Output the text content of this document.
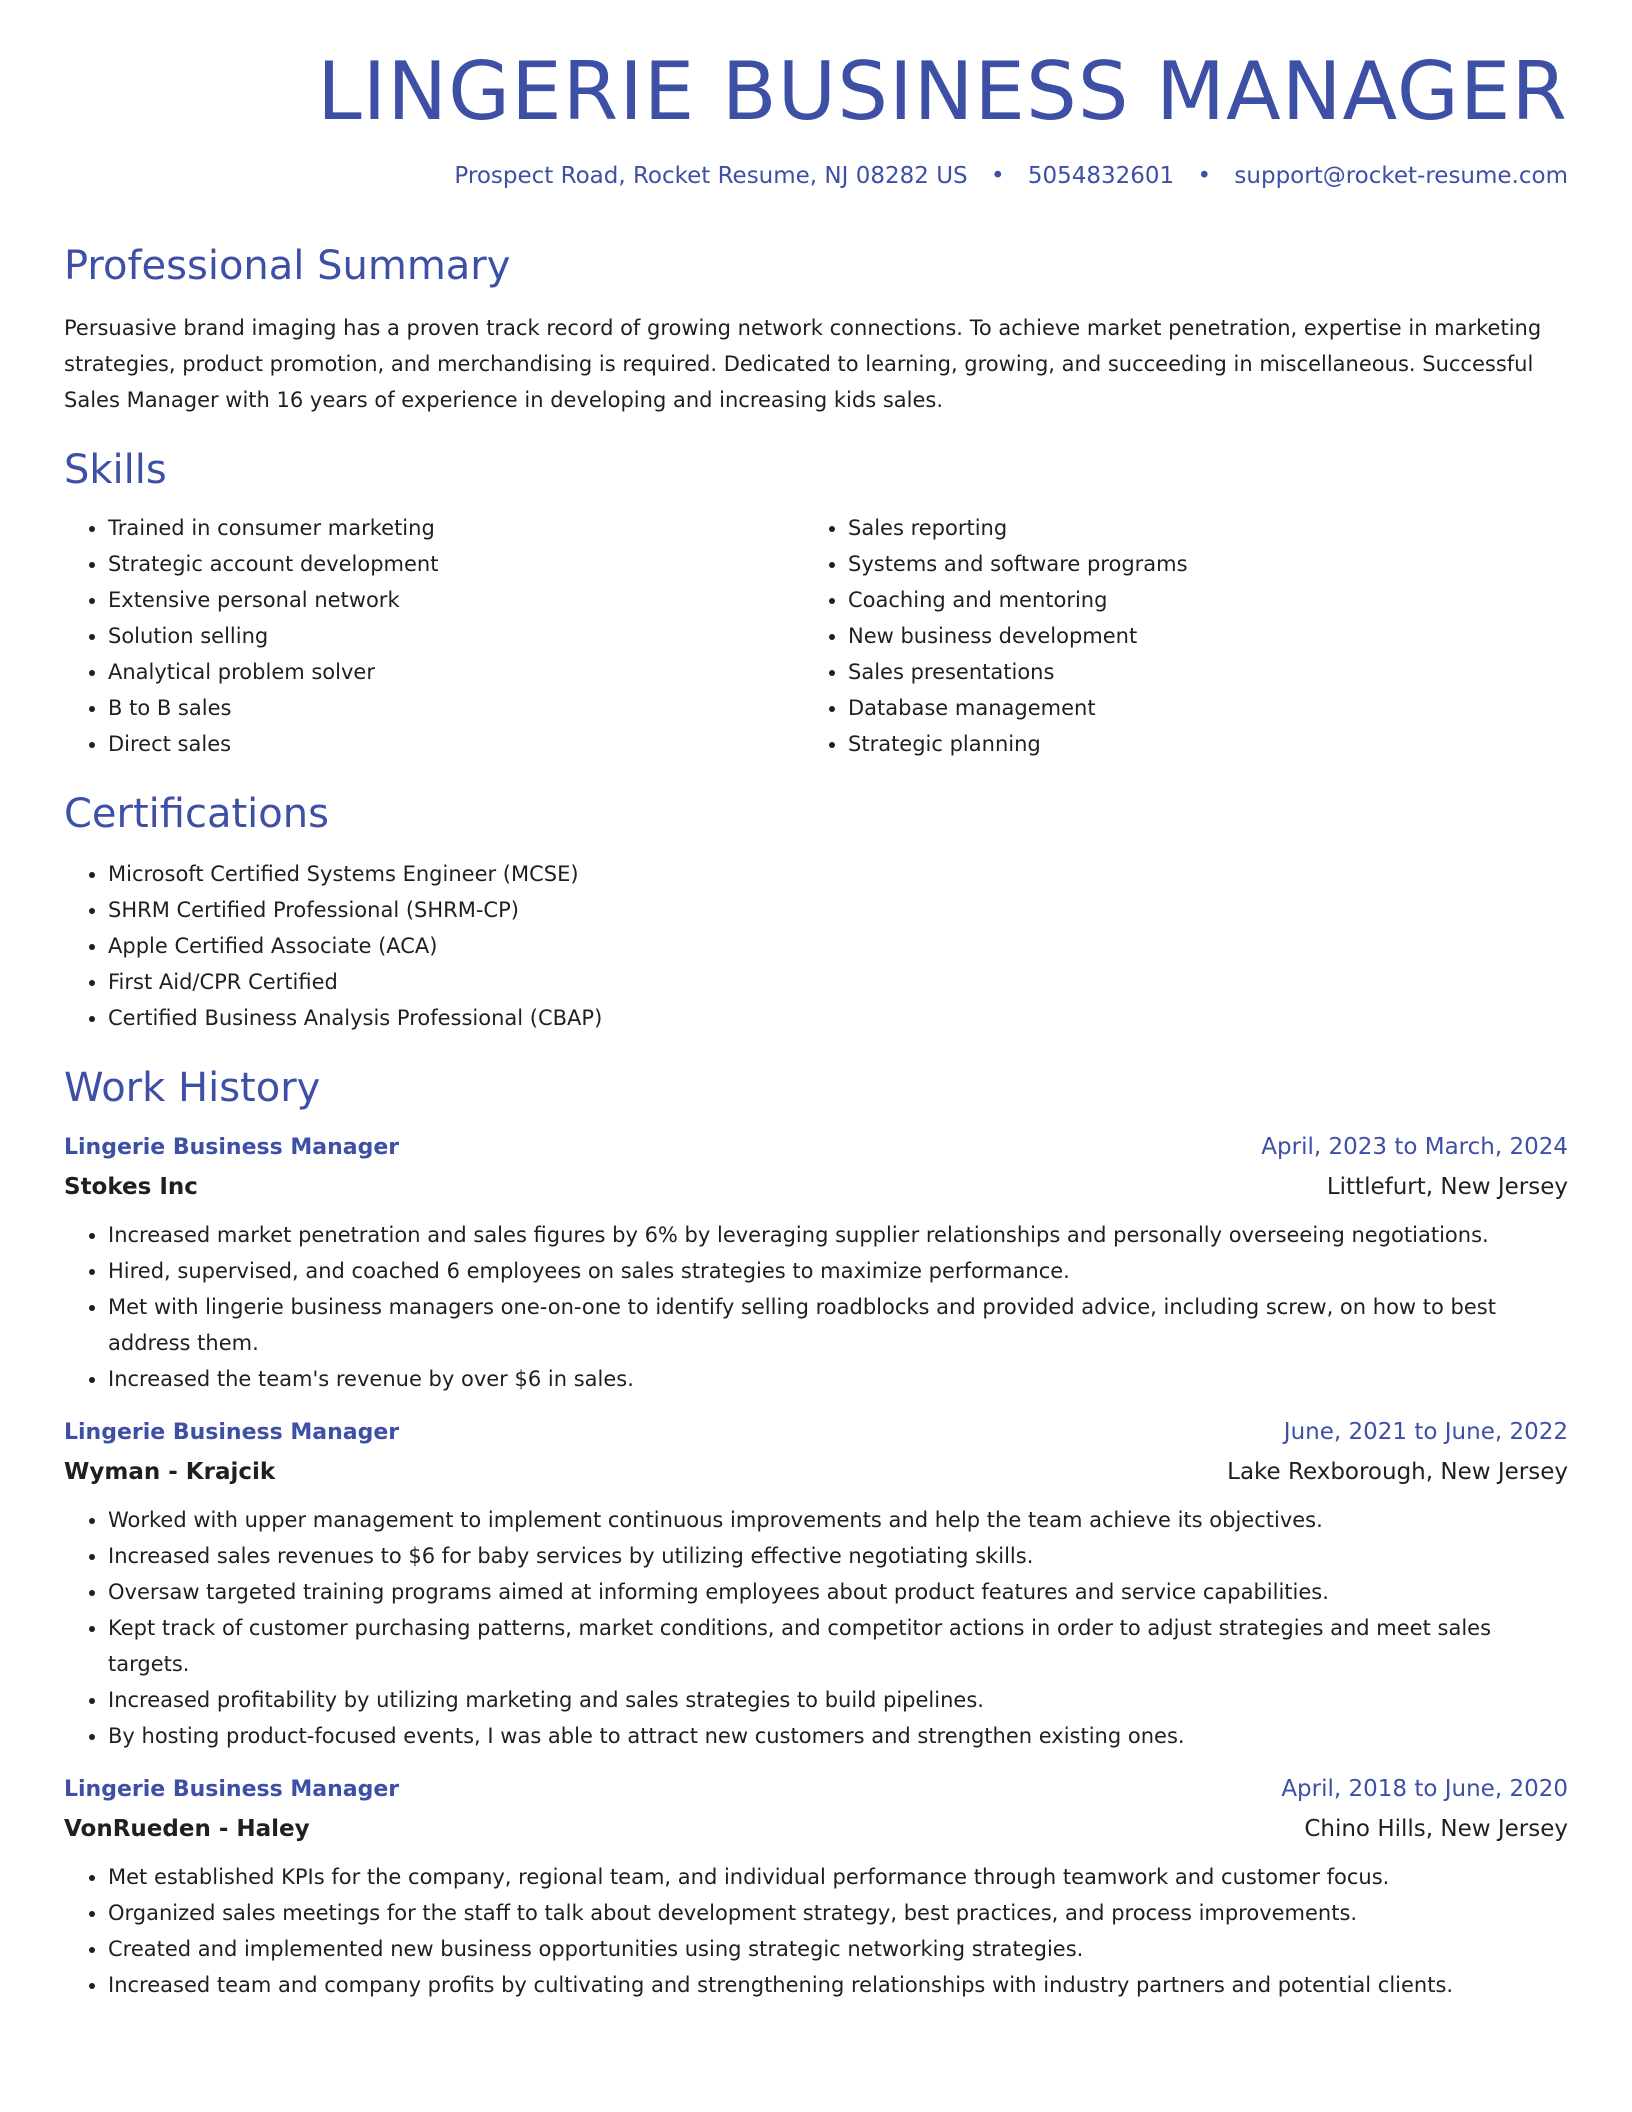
LINGERIE BUSINESS MANAGER
Prospect Road, Rocket Resume, NJ 08282 US • 5054832601 • support@rocket-resume.com
Professional Summary
Persuasive brand imaging has a proven track record of growing network connections. To achieve market penetration, expertise in marketing strategies, product promotion, and merchandising is required. Dedicated to learning, growing, and succeeding in miscellaneous. Successful Sales Manager with 16 years of experience in developing and increasing kids sales.
Skills
• Trained in consumer marketing
• Strategic account development
• Extensive personal network
• Solution selling
• Analytical problem solver
• B to B sales
• Direct sales
• Sales reporting
• Systems and software programs
• Coaching and mentoring
• New business development
• Sales presentations
• Database management
• Strategic planning
Certifications
• Microsoft Certified Systems Engineer (MCSE)
• SHRM Certified Professional (SHRM-CP)
• Apple Certified Associate (ACA)
• First Aid/CPR Certified
• Certified Business Analysis Professional (CBAP)
Work History
Lingerie Business Manager	April, 2023 to March, 2024
Stokes Inc	Littlefurt, New Jersey
• Increased market penetration and sales figures by 6% by leveraging supplier relationships and personally overseeing negotiations.
• Hired, supervised, and coached 6 employees on sales strategies to maximize performance.
• Met with lingerie business managers one-on-one to identify selling roadblocks and provided advice, including screw, on how to best address them.
• Increased the team's revenue by over $6 in sales.
Lingerie Business Manager	June, 2021 to June, 2022
Wyman - Krajcik	Lake Rexborough, New Jersey
• Worked with upper management to implement continuous improvements and help the team achieve its objectives.
• Increased sales revenues to $6 for baby services by utilizing effective negotiating skills.
• Oversaw targeted training programs aimed at informing employees about product features and service capabilities.
• Kept track of customer purchasing patterns, market conditions, and competitor actions in order to adjust strategies and meet sales targets.
• Increased profitability by utilizing marketing and sales strategies to build pipelines.
• By hosting product-focused events, I was able to attract new customers and strengthen existing ones.
Lingerie Business Manager	April, 2018 to June, 2020
VonRueden - Haley	Chino Hills, New Jersey
• Met established KPIs for the company, regional team, and individual performance through teamwork and customer focus.
• Organized sales meetings for the staff to talk about development strategy, best practices, and process improvements.
• Created and implemented new business opportunities using strategic networking strategies.
• Increased team and company profits by cultivating and strengthening relationships with industry partners and potential clients.
